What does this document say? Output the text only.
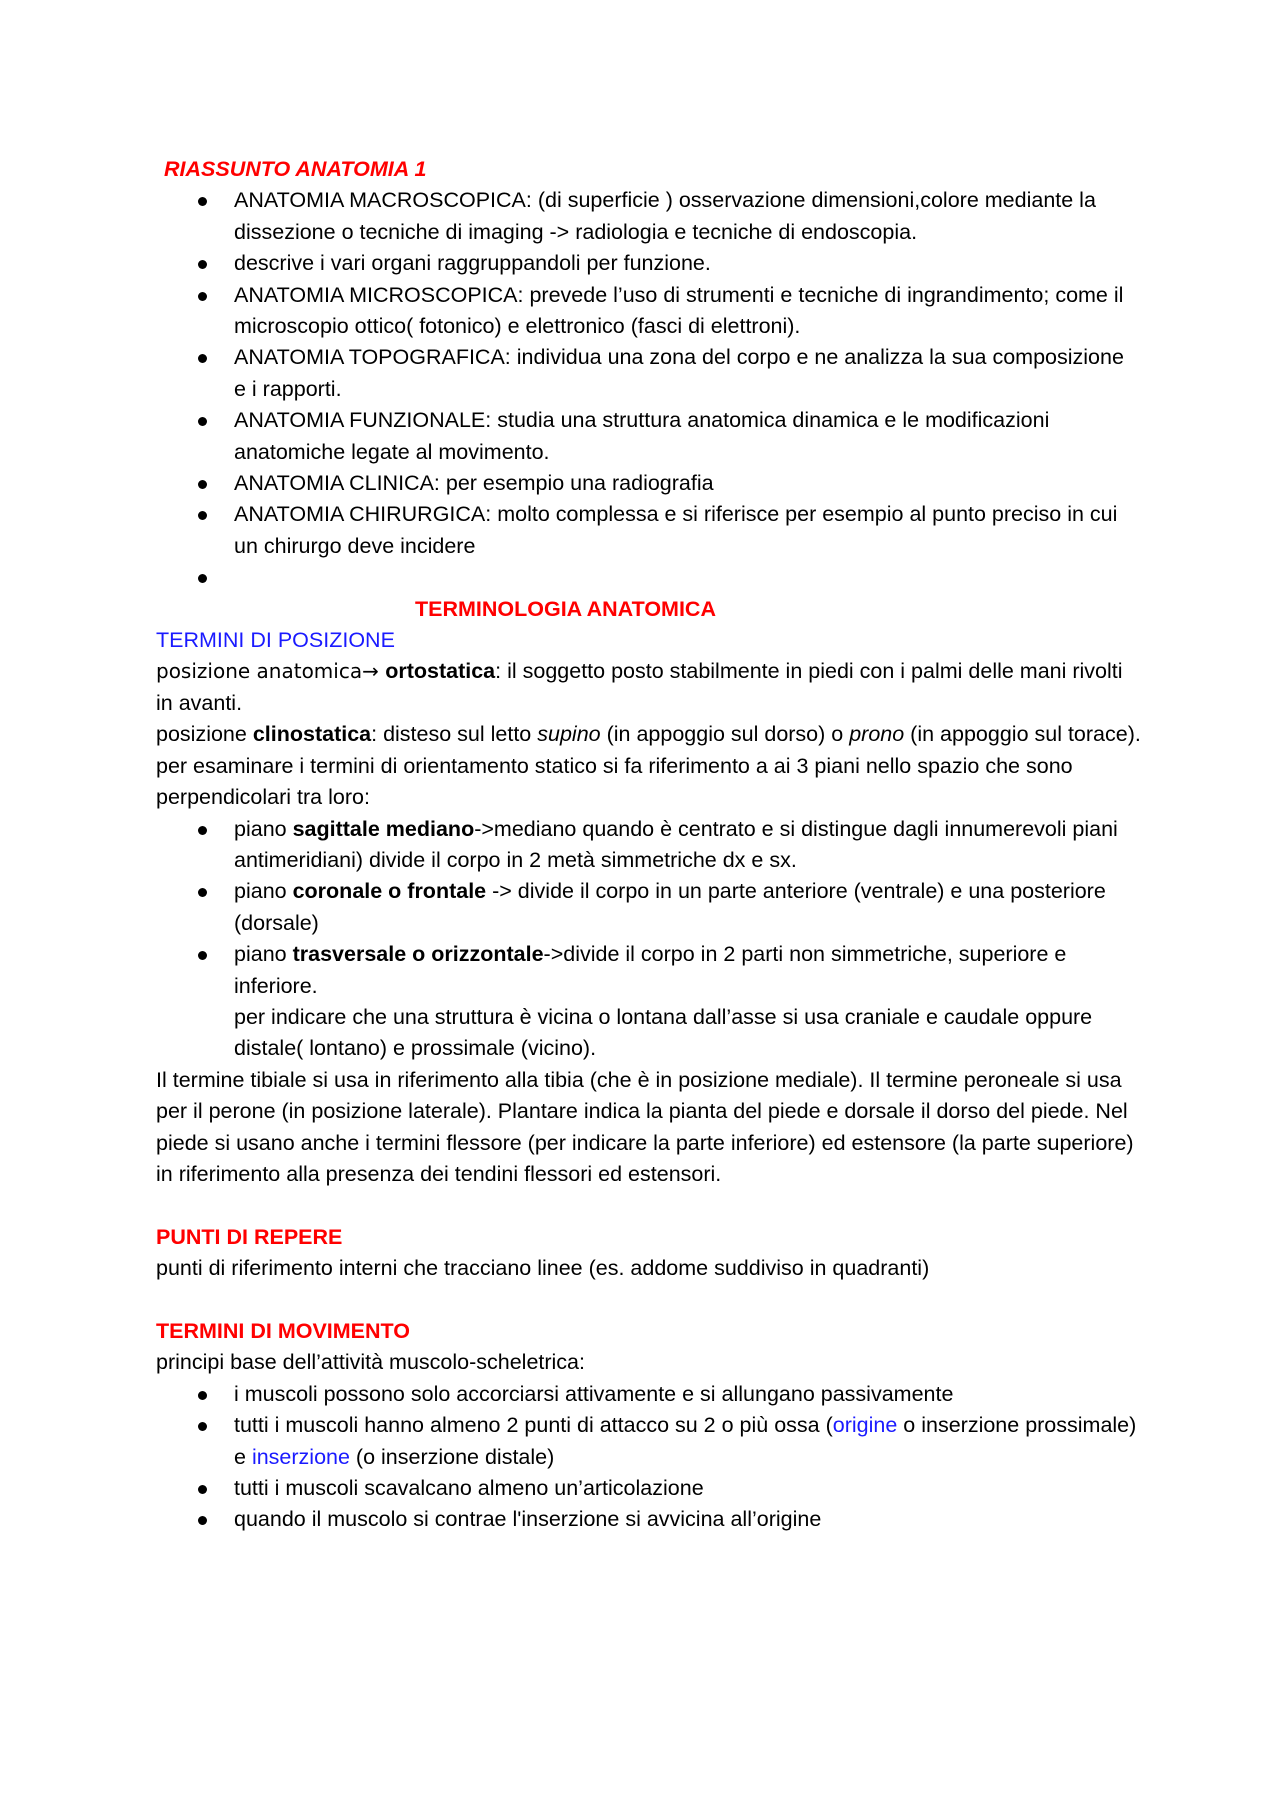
RIASSUNTO ANATOMIA 1

ANATOMIA MACROSCOPICA: (di superficie ) osservazione dimensioni,colore mediante la dissezione o tecniche di imaging -> radiologia e tecniche di endoscopia.
descrive i vari organi raggruppandoli per funzione.
ANATOMIA MICROSCOPICA: prevede l’uso di strumenti e tecniche di ingrandimento; come il microscopio ottico( fotonico) e elettronico (fasci di elettroni).
ANATOMIA TOPOGRAFICA: individua una zona del corpo e ne analizza la sua composizione e i rapporti.
ANATOMIA FUNZIONALE: studia una struttura anatomica dinamica e le modificazioni anatomiche legate al movimento.
ANATOMIA CLINICA: per esempio una radiografia
ANATOMIA CHIRURGICA: molto complessa e si riferisce per esempio al punto preciso in cui un chirurgo deve incidere

TERMINOLOGIA ANATOMICA

TERMINI DI POSIZIONE

posizione anatomica→ ortostatica: il soggetto posto stabilmente in piedi con i palmi delle mani rivolti in avanti.

posizione clinostatica: disteso sul letto supino (in appoggio sul dorso) o prono (in appoggio sul torace).

per esaminare i termini di orientamento statico si fa riferimento a ai 3 piani nello spazio che sono perpendicolari tra loro:

piano sagittale mediano->mediano quando è centrato e si distingue dagli innumerevoli piani antimeridiani) divide il corpo in 2 metà simmetriche dx e sx.
piano coronale o frontale -> divide il corpo in un parte anteriore (ventrale) e una posteriore (dorsale)
piano trasversale o orizzontale->divide il corpo in 2 parti non simmetriche, superiore e inferiore.

per indicare che una struttura è vicina o lontana dall’asse si usa craniale e caudale oppure distale( lontano) e prossimale (vicino).

Il termine tibiale si usa in riferimento alla tibia (che è in posizione mediale). Il termine peroneale si usa per il perone (in posizione laterale). Plantare indica la pianta del piede e dorsale il dorso del piede. Nel piede si usano anche i termini flessore (per indicare la parte inferiore) ed estensore (la parte superiore) in riferimento alla presenza dei tendini flessori ed estensori.

PUNTI DI REPERE

punti di riferimento interni che tracciano linee (es. addome suddiviso in quadranti)

TERMINI DI MOVIMENTO

principi base dell’attività muscolo-scheletrica:

i muscoli possono solo accorciarsi attivamente e si allungano passivamente
tutti i muscoli hanno almeno 2 punti di attacco su 2 o più ossa (origine o inserzione prossimale) e inserzione (o inserzione distale)
tutti i muscoli scavalcano almeno un’articolazione
quando il muscolo si contrae l'inserzione si avvicina all’origine
